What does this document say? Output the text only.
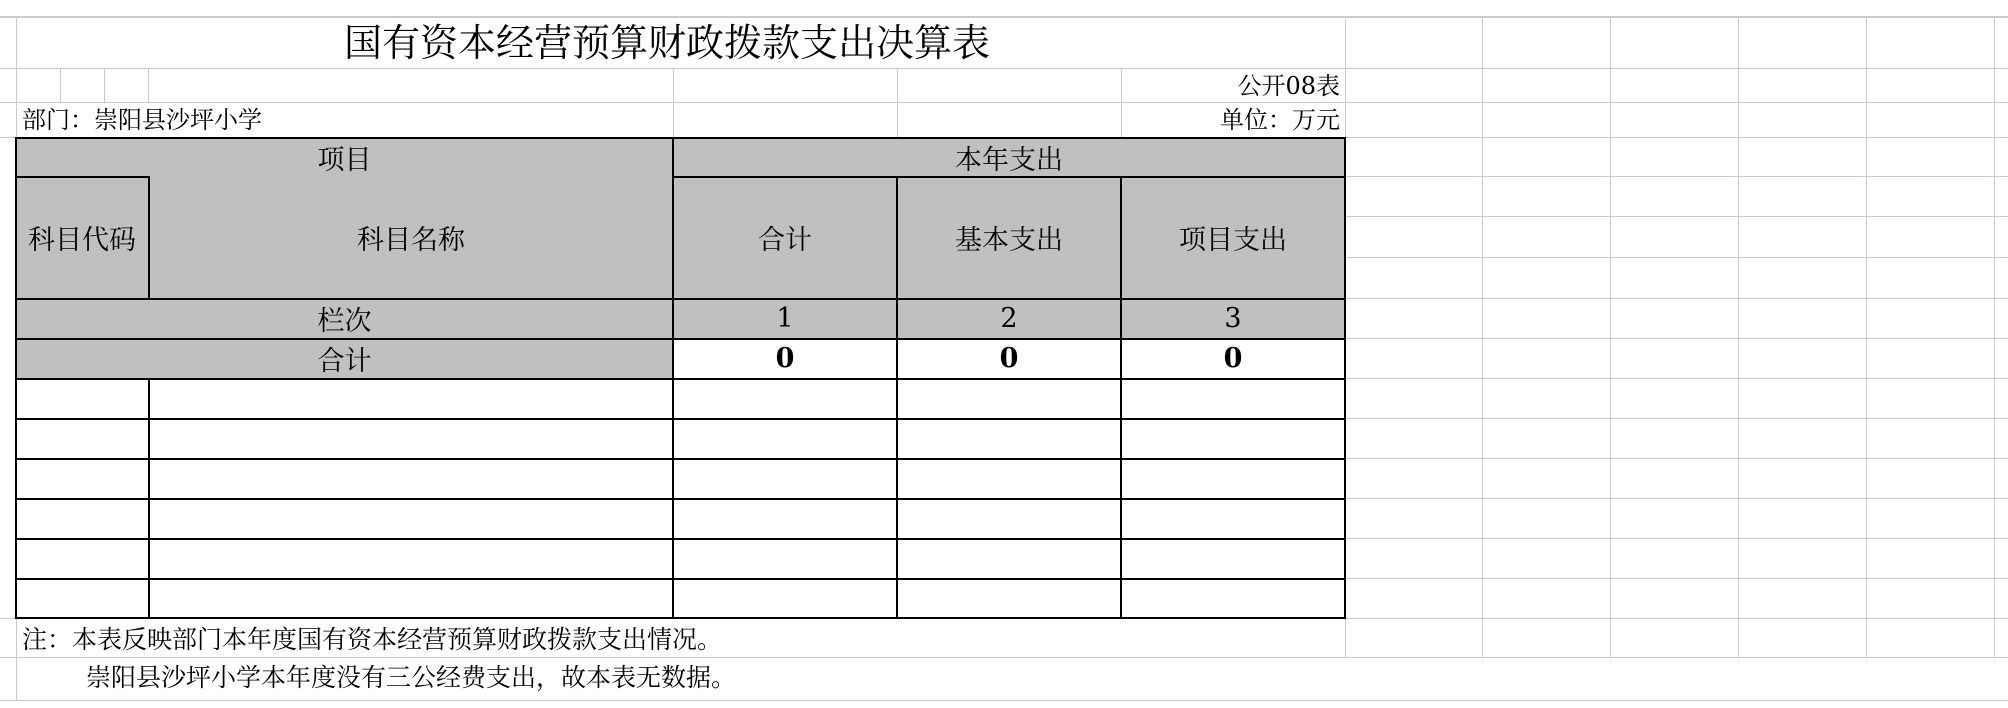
国有资本经营预算财政拨款支出决算表
公开08表
部门：崇阳县沙坪小学	单位：万元
项目	本年支出
科目代码	科目名称	合计	基本支出	项目支出
栏次	1	2	3
合计	0	0	0
注：本表反映部门本年度国有资本经营预算财政拨款支出情况。
崇阳县沙坪小学本年度没有三公经费支出，故本表无数据。
